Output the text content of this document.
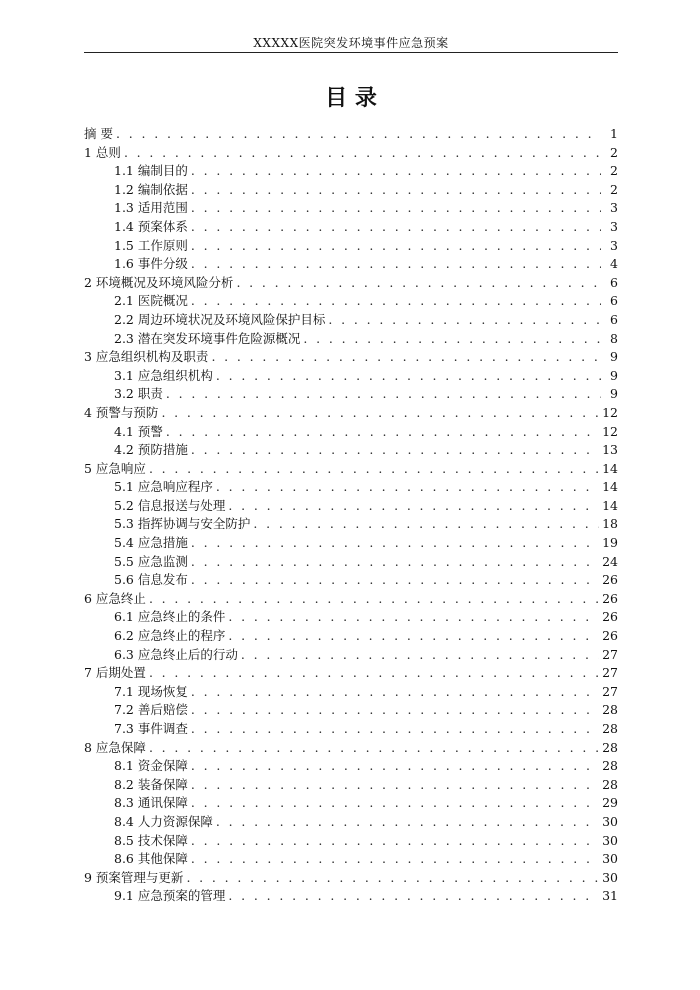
XXXXX医院突发环境事件应急预案
目 录
摘 要 . . .	1
1 总则 . . .	2
1.1 编制目的 . . .	2
1.2 编制依据 . . .	2
1.3 适用范围 . . .	3
1.4 预案体系 . . .	3
1.5 工作原则 . . .	3
1.6 事件分级 . . .	4
2 环境概况及环境风险分析 . . .	6
2.1 医院概况 . . .	6
2.2 周边环境状况及环境风险保护目标 . . .	6
2.3 潜在突发环境事件危险源概况 . . .	8
3 应急组织机构及职责 . . .	9
3.1 应急组织机构 . . .	9
3.2 职责 . . .	9
4 预警与预防 . . .	12
4.1 预警 . . .	12
4.2 预防措施 . . .	13
5 应急响应 . . .	14
5.1 应急响应程序 . . .	14
5.2 信息报送与处理 . . .	14
5.3 指挥协调与安全防护 . . .	18
5.4 应急措施 . . .	19
5.5 应急监测 . . .	24
5.6 信息发布 . . .	26
6 应急终止 . . .	26
6.1 应急终止的条件 . . .	26
6.2 应急终止的程序 . . .	26
6.3 应急终止后的行动 . . .	27
7 后期处置 . . .	27
7.1 现场恢复 . . .	27
7.2 善后赔偿 . . .	28
7.3 事件调查 . . .	28
8 应急保障 . . .	28
8.1 资金保障 . . .	28
8.2 装备保障 . . .	28
8.3 通讯保障 . . .	29
8.4 人力资源保障 . . .	30
8.5 技术保障 . . .	30
8.6 其他保障 . . .	30
9 预案管理与更新 . . .	30
9.1 应急预案的管理 . . .	31
